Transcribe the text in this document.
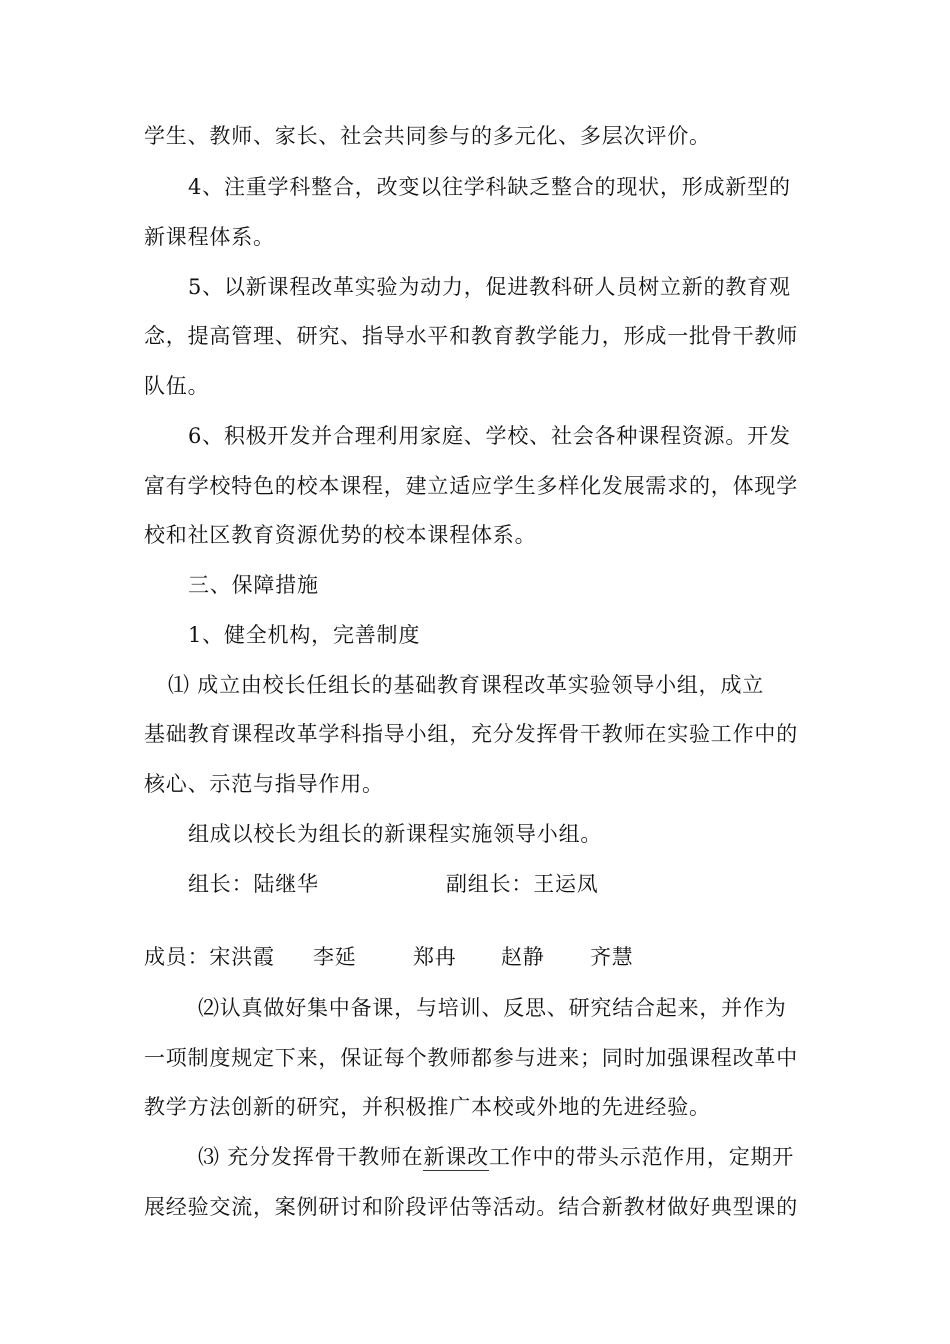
学生、教师、家长、社会共同参与的多元化、多层次评价。
4、注重学科整合，改变以往学科缺乏整合的现状，形成新型的
新课程体系。
5、以新课程改革实验为动力，促进教科研人员树立新的教育观
念，提高管理、研究、指导水平和教育教学能力，形成一批骨干教师
队伍。
6、积极开发并合理利用家庭、学校、社会各种课程资源。开发
富有学校特色的校本课程，建立适应学生多样化发展需求的，体现学
校和社区教育资源优势的校本课程体系。
三、保障措施
1、健全机构，完善制度
⑴ 成立由校长任组长的基础教育课程改革实验领导小组，成立
基础教育课程改革学科指导小组，充分发挥骨干教师在实验工作中的
核心、示范与指导作用。
组成以校长为组长的新课程实施领导小组。
组长：陆继华	副组长：王运凤
成员：宋洪霞 李延	郑冉 赵静 齐慧
⑵认真做好集中备课，与培训、反思、研究结合起来，并作为
一项制度规定下来，保证每个教师都参与进来；同时加强课程改革中
教学方法创新的研究，并积极推广本校或外地的先进经验。
⑶ 充分发挥骨干教师在新课改工作中的带头示范作用，定期开
展经验交流，案例研讨和阶段评估等活动。结合新教材做好典型课的
